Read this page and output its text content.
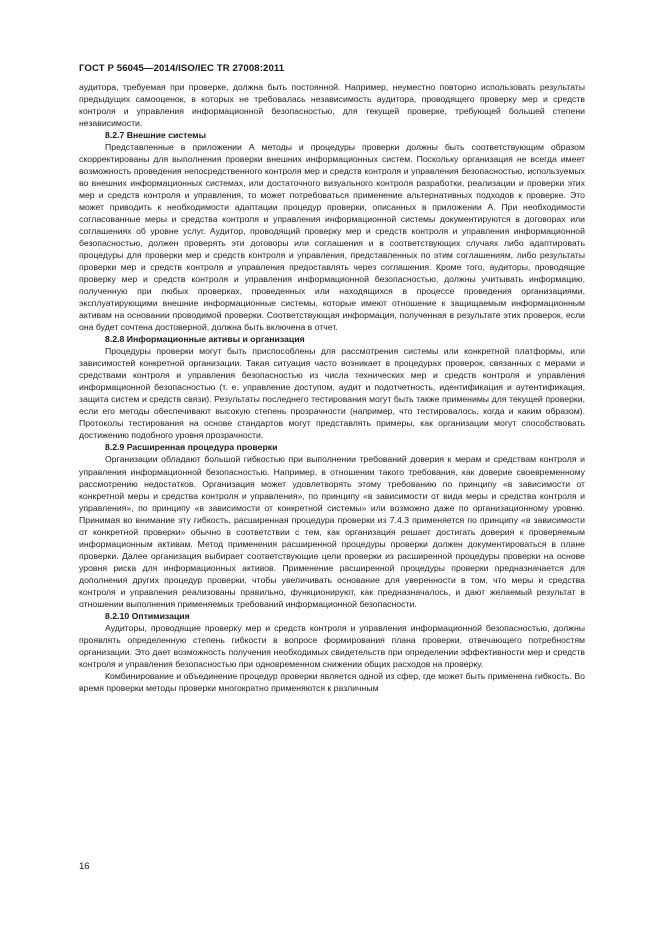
ГОСТ Р 56045—2014/ISO/IEC TR 27008:2011

аудитора, требуемая при проверке, должна быть постоянной. Например, неуместно повторно использовать результаты предыдущих самооценок, в которых не требовалась независимость аудитора, проводящего проверку мер и средств контроля и управления информационной безопасностью, для текущей проверке, требующей большей степени независимости.

8.2.7 Внешние системы

Представленные в приложении А методы и процедуры проверки должны быть соответствующим образом скорректированы для выполнения проверки внешних информационных систем. Поскольку организация не всегда имеет возможность проведения непосредственного контроля мер и средств контроля и управления безопасностью, используемых во внешних информационных системах, или достаточного визуального контроля разработки, реализации и проверки этих мер и средств контроля и управления, то может потребоваться применение альтернативных подходов к проверке. Это может приводить к необходимости адаптации процедур проверки, описанных в приложении А. При необходимости согласованные меры и средства контроля и управления информационной системы документируются в договорах или соглашениях об уровне услуг. Аудитор, проводящий проверку мер и средств контроля и управления информационной безопасностью, должен проверять эти договоры или соглашения и в соответствующих случаях либо адаптировать процедуры для проверки мер и средств контроля и управления, представленных по этим соглашениям, либо результаты проверки мер и средств контроля и управления предоставлять через соглашения. Кроме того, аудиторы, проводящие проверку мер и средств контроля и управления информационной безопасностью, должны учитывать информацию, полученную при любых проверках, проведенных или находящихся в процессе проведения организациями, эксплуатирующими внешние информационные системы, которые имеют отношение к защищаемым информационным активам на основании проводимой проверки. Соответствующая информация, полученная в результате этих проверок, если она будет сочтена достоверной, должна быть включена в отчет.

8.2.8 Информационные активы и организация

Процедуры проверки могут быть приспособлены для рассмотрения системы или конкретной платформы, или зависимостей конкретной организации. Такая ситуация часто возникает в процедурах проверок, связанных с мерами и средствами контроля и управления безопасностью из числа технических мер и средств контроля и управления информационной безопасностью (т. е. управление доступом, аудит и подотчетность, идентификация и аутентификация, защита систем и средств связи). Результаты последнего тестирования могут быть также применимы для текущей проверки, если его методы обеспечивают высокую степень прозрачности (например, что тестировалось, когда и каким образом). Протоколы тестирования на основе стандартов могут представлять примеры, как организации могут способствовать достижению подобного уровня прозрачности.

8.2.9 Расширенная процедура проверки

Организации обладают большой гибкостью при выполнении требований доверия к мерам и средствам контроля и управления информационной безопасностью. Например, в отношении такого требования, как доверие своевременному рассмотрению недостатков. Организация может удовлетворять этому требованию по принципу «в зависимости от конкретной меры и средства контроля и управления», по принципу «в зависимости от вида меры и средства контроля и управления», по принципу «в зависимости от конкретной системы» или возможно даже по организационному уровню. Принимая во внимание эту гибкость, расширенная процедура проверки из 7.4.3 применяется по принципу «в зависимости от конкретной проверки» обычно в соответствии с тем, как организация решает достигать доверия к проверяемым информационным активам. Метод применения расширенной процедуры проверки должен документироваться в плане проверки. Далее организация выбирает соответствующие цели проверки из расширенной процедуры проверки на основе уровня риска для информационных активов. Применение расширенной процедуры проверки предназначается для дополнения других процедур проверки, чтобы увеличивать основание для уверенности в том, что меры и средства контроля и управления реализованы правильно, функционируют, как предназначалось, и дают желаемый результат в отношении выполнения применяемых требований информационной безопасности.

8.2.10 Оптимизация

Аудиторы, проводящие проверку мер и средств контроля и управления информационной безопасностью, должны проявлять определенную степень гибкости в вопросе формирования плана проверки, отвечающего потребностям организации. Это дает возможность получения необходимых свидетельств при определении эффективности мер и средств контроля и управления безопасностью при одновременном снижении общих расходов на проверку.

Комбинирование и объединение процедур проверки является одной из сфер, где может быть применена гибкость. Во время проверки методы проверки многократно применяются к различным

16
